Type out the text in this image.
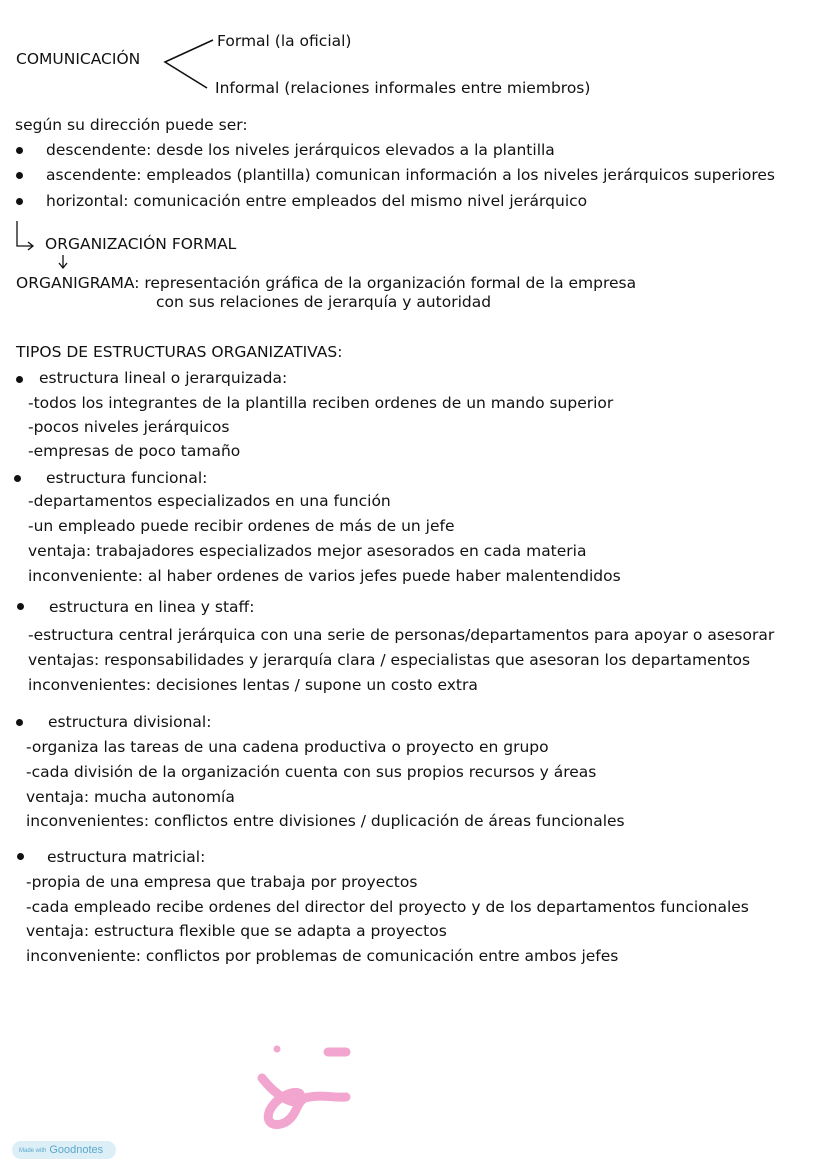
COMUNICACIÓN
Formal (la oficial)
Informal (relaciones informales entre miembros)
según su dirección puede ser:
descendente: desde los niveles jerárquicos elevados a la plantilla
ascendente: empleados (plantilla) comunican información a los niveles jerárquicos superiores
horizontal: comunicación entre empleados del mismo nivel jerárquico
ORGANIZACIÓN FORMAL
ORGANIGRAMA: representación gráfica de la organización formal de la empresa
con sus relaciones de jerarquía y autoridad
TIPOS DE ESTRUCTURAS ORGANIZATIVAS:
estructura lineal o jerarquizada:
-todos los integrantes de la plantilla reciben ordenes de un mando superior
-pocos niveles jerárquicos
-empresas de poco tamaño
estructura funcional:
-departamentos especializados en una función
-un empleado puede recibir ordenes de más de un jefe
ventaja: trabajadores especializados mejor asesorados en cada materia
inconveniente: al haber ordenes de varios jefes puede haber malentendidos
estructura en linea y staff:
-estructura central jerárquica con una serie de personas/departamentos para apoyar o asesorar
ventajas: responsabilidades y jerarquía clara / especialistas que asesoran los departamentos
inconvenientes: decisiones lentas / supone un costo extra
estructura divisional:
-organiza las tareas de una cadena productiva o proyecto en grupo
-cada división de la organización cuenta con sus propios recursos y áreas
ventaja: mucha autonomía
inconvenientes: conflictos entre divisiones / duplicación de áreas funcionales
estructura matricial:
-propia de una empresa que trabaja por proyectos
-cada empleado recibe ordenes del director del proyecto y de los departamentos funcionales
ventaja: estructura flexible que se adapta a proyectos
inconveniente: conflictos por problemas de comunicación entre ambos jefes
Made with Goodnotes
